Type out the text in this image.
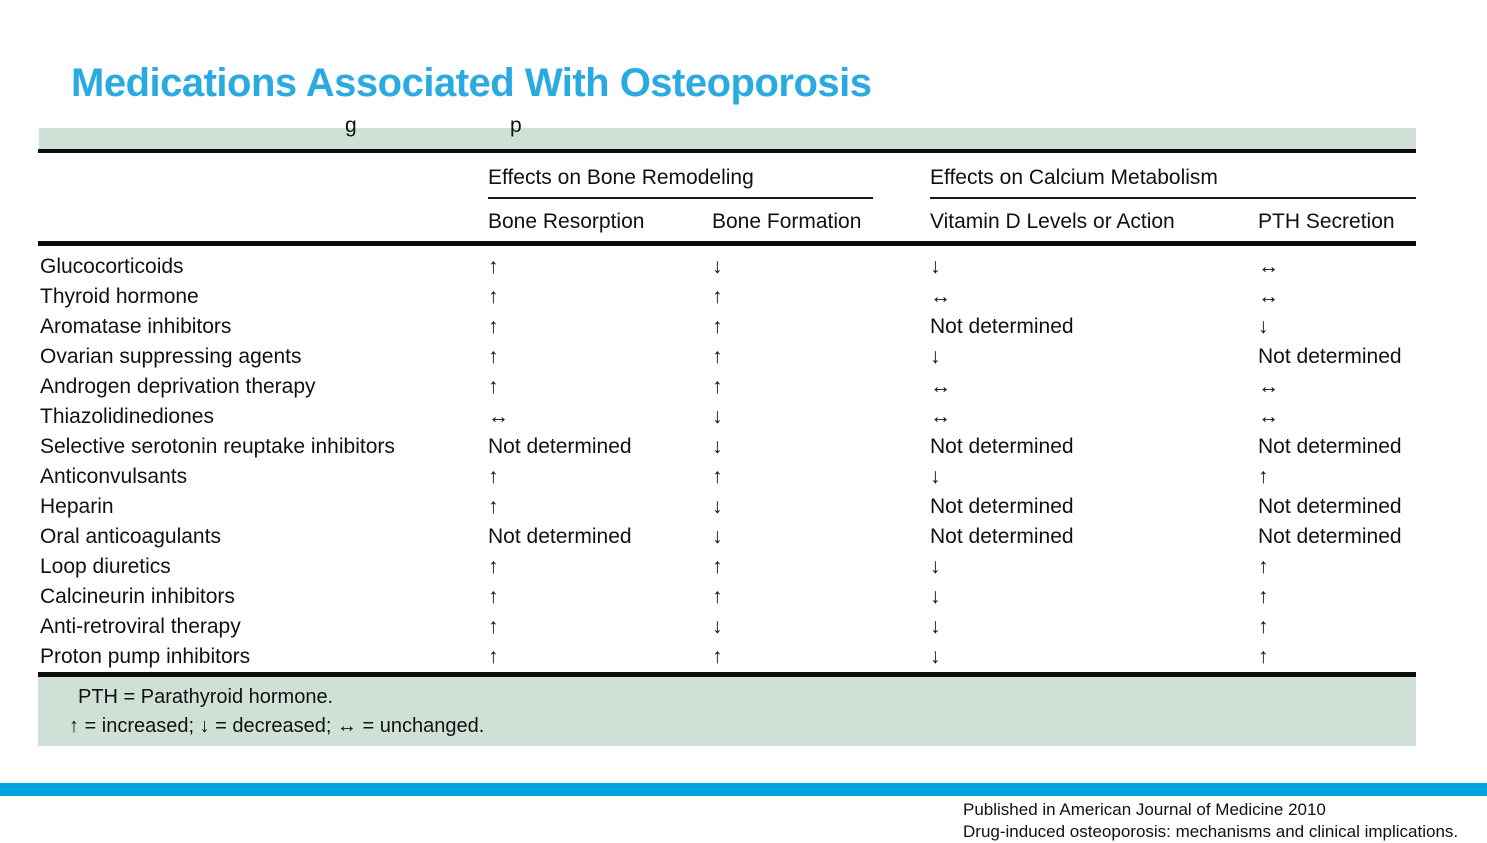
Medications Associated With Osteoporosis
g	p
Effects on Bone Remodeling	Effects on Calcium Metabolism
Bone Resorption	Bone Formation	Vitamin D Levels or Action	PTH Secretion
Glucocorticoids	↑	↓	↓	↔
Thyroid hormone	↑	↑	↔	↔
Aromatase inhibitors	↑	↑	Not determined	↓
Ovarian suppressing agents	↑	↑	↓	Not determined
Androgen deprivation therapy	↑	↑	↔	↔
Thiazolidinediones	↔	↓	↔	↔
Selective serotonin reuptake inhibitors	Not determined	↓	Not determined	Not determined
Anticonvulsants	↑	↑	↓	↑
Heparin	↑	↓	Not determined	Not determined
Oral anticoagulants	Not determined	↓	Not determined	Not determined
Loop diuretics	↑	↑	↓	↑
Calcineurin inhibitors	↑	↑	↓	↑
Anti-retroviral therapy	↑	↓	↓	↑
Proton pump inhibitors	↑	↑	↓	↑
PTH = Parathyroid hormone.
↑ = increased; ↓ = decreased; ↔ = unchanged.
Published in American Journal of Medicine 2010
Drug-induced osteoporosis: mechanisms and clinical implications.
